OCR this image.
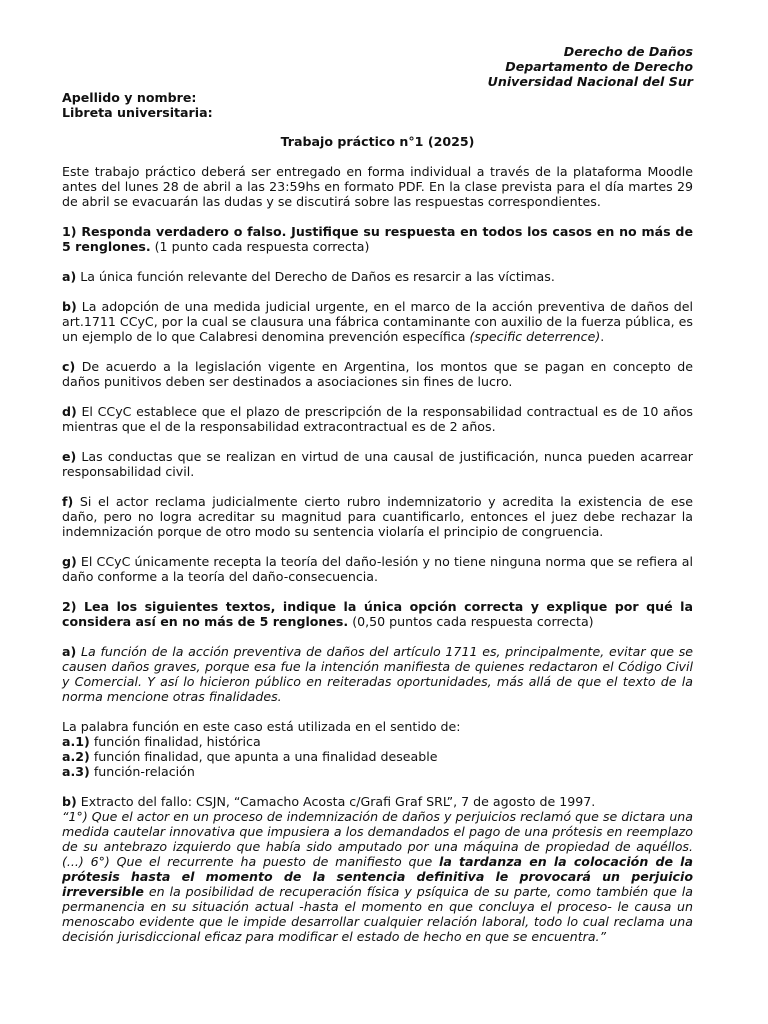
Derecho de Daños
Departamento de Derecho
Universidad Nacional del Sur
Apellido y nombre:
Libreta universitaria:
Trabajo práctico n°1 (2025)

Este trabajo práctico deberá ser entregado en forma individual a través de la plataforma Moodle antes del lunes 28 de abril a las 23:59hs en formato PDF. En la clase prevista para el día martes 29 de abril se evacuarán las dudas y se discutirá sobre las respuestas correspondientes.

1) Responda verdadero o falso. Justifique su respuesta en todos los casos en no más de 5 renglones. (1 punto cada respuesta correcta)

a) La única función relevante del Derecho de Daños es resarcir a las víctimas.

b) La adopción de una medida judicial urgente, en el marco de la acción preventiva de daños del art.1711 CCyC, por la cual se clausura una fábrica contaminante con auxilio de la fuerza pública, es un ejemplo de lo que Calabresi denomina prevención específica (specific deterrence).

c) De acuerdo a la legislación vigente en Argentina, los montos que se pagan en concepto de daños punitivos deben ser destinados a asociaciones sin fines de lucro.

d) El CCyC establece que el plazo de prescripción de la responsabilidad contractual es de 10 años mientras que el de la responsabilidad extracontractual es de 2 años.

e) Las conductas que se realizan en virtud de una causal de justificación, nunca pueden acarrear responsabilidad civil.

f) Si el actor reclama judicialmente cierto rubro indemnizatorio y acredita la existencia de ese daño, pero no logra acreditar su magnitud para cuantificarlo, entonces el juez debe rechazar la indemnización porque de otro modo su sentencia violaría el principio de congruencia.

g) El CCyC únicamente recepta la teoría del daño-lesión y no tiene ninguna norma que se refiera al daño conforme a la teoría del daño-consecuencia.

2) Lea los siguientes textos, indique la única opción correcta y explique por qué la considera así en no más de 5 renglones. (0,50 puntos cada respuesta correcta)

a) La función de la acción preventiva de daños del artículo 1711 es, principalmente, evitar que se causen daños graves, porque esa fue la intención manifiesta de quienes redactaron el Código Civil y Comercial. Y así lo hicieron público en reiteradas oportunidades, más allá de que el texto de la norma mencione otras finalidades.

La palabra función en este caso está utilizada en el sentido de:

a.1) función finalidad, histórica

a.2) función finalidad, que apunta a una finalidad deseable

a.3) función-relación

b) Extracto del fallo: CSJN, “Camacho Acosta c/Grafi Graf SRL”, 7 de agosto de 1997.

“1°) Que el actor en un proceso de indemnización de daños y perjuicios reclamó que se dictara una medida cautelar innovativa que impusiera a los demandados el pago de una prótesis en reemplazo de su antebrazo izquierdo que había sido amputado por una máquina de propiedad de aquéllos. (...) 6°) Que el recurrente ha puesto de manifiesto que la tardanza en la colocación de la prótesis hasta el momento de la sentencia definitiva le provocará un perjuicio irreversible en la posibilidad de recuperación física y psíquica de su parte, como también que la permanencia en su situación actual -hasta el momento en que concluya el proceso- le causa un menoscabo evidente que le impide desarrollar cualquier relación laboral, todo lo cual reclama una decisión jurisdiccional eficaz para modificar el estado de hecho en que se encuentra.”
